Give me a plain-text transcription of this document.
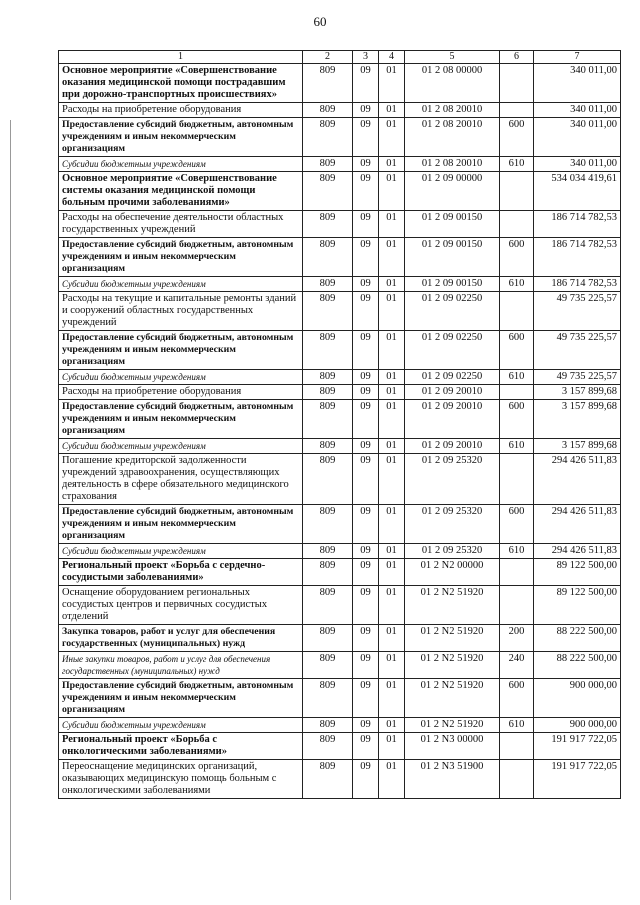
60
1	2	3	4	5	6	7
Основное мероприятие «Совершенствование оказания медицинской помощи пострадавшим при дорожно-транспортных происшествиях»	809	09	01	01 2 08 00000		340 011,00
Расходы на приобретение оборудования	809	09	01	01 2 08 20010		340 011,00
Предоставление субсидий бюджетным, автономным учреждениям и иным некоммерческим организациям	809	09	01	01 2 08 20010	600	340 011,00
Субсидии бюджетным учреждениям	809	09	01	01 2 08 20010	610	340 011,00
Основное мероприятие «Совершенствование системы оказания медицинской помощи больным прочими заболеваниями»	809	09	01	01 2 09 00000		534 034 419,61
Расходы на обеспечение деятельности областных государственных учреждений	809	09	01	01 2 09 00150		186 714 782,53
Предоставление субсидий бюджетным, автономным учреждениям и иным некоммерческим организациям	809	09	01	01 2 09 00150	600	186 714 782,53
Субсидии бюджетным учреждениям	809	09	01	01 2 09 00150	610	186 714 782,53
Расходы на текущие и капитальные ремонты зданий и сооружений областных государственных учреждений	809	09	01	01 2 09 02250		49 735 225,57
Предоставление субсидий бюджетным, автономным учреждениям и иным некоммерческим организациям	809	09	01	01 2 09 02250	600	49 735 225,57
Субсидии бюджетным учреждениям	809	09	01	01 2 09 02250	610	49 735 225,57
Расходы на приобретение оборудования	809	09	01	01 2 09 20010		3 157 899,68
Предоставление субсидий бюджетным, автономным учреждениям и иным некоммерческим организациям	809	09	01	01 2 09 20010	600	3 157 899,68
Субсидии бюджетным учреждениям	809	09	01	01 2 09 20010	610	3 157 899,68
Погашение кредиторской задолженности учреждений здравоохранения, осуществляющих деятельность в сфере обязательного медицинского страхования	809	09	01	01 2 09 25320		294 426 511,83
Предоставление субсидий бюджетным, автономным учреждениям и иным некоммерческим организациям	809	09	01	01 2 09 25320	600	294 426 511,83
Субсидии бюджетным учреждениям	809	09	01	01 2 09 25320	610	294 426 511,83
Региональный проект «Борьба с сердечно-сосудистыми заболеваниями»	809	09	01	01 2 N2 00000		89 122 500,00
Оснащение оборудованием региональных сосудистых центров и первичных сосудистых отделений	809	09	01	01 2 N2 51920		89 122 500,00
Закупка товаров, работ и услуг для обеспечения государственных (муниципальных) нужд	809	09	01	01 2 N2 51920	200	88 222 500,00
Иные закупки товаров, работ и услуг для обеспечения государственных (муниципальных) нужд	809	09	01	01 2 N2 51920	240	88 222 500,00
Предоставление субсидий бюджетным, автономным учреждениям и иным некоммерческим организациям	809	09	01	01 2 N2 51920	600	900 000,00
Субсидии бюджетным учреждениям	809	09	01	01 2 N2 51920	610	900 000,00
Региональный проект «Борьба с онкологическими заболеваниями»	809	09	01	01 2 N3 00000		191 917 722,05
Переоснащение медицинских организаций, оказывающих медицинскую помощь больным с онкологическими заболеваниями	809	09	01	01 2 N3 51900		191 917 722,05
